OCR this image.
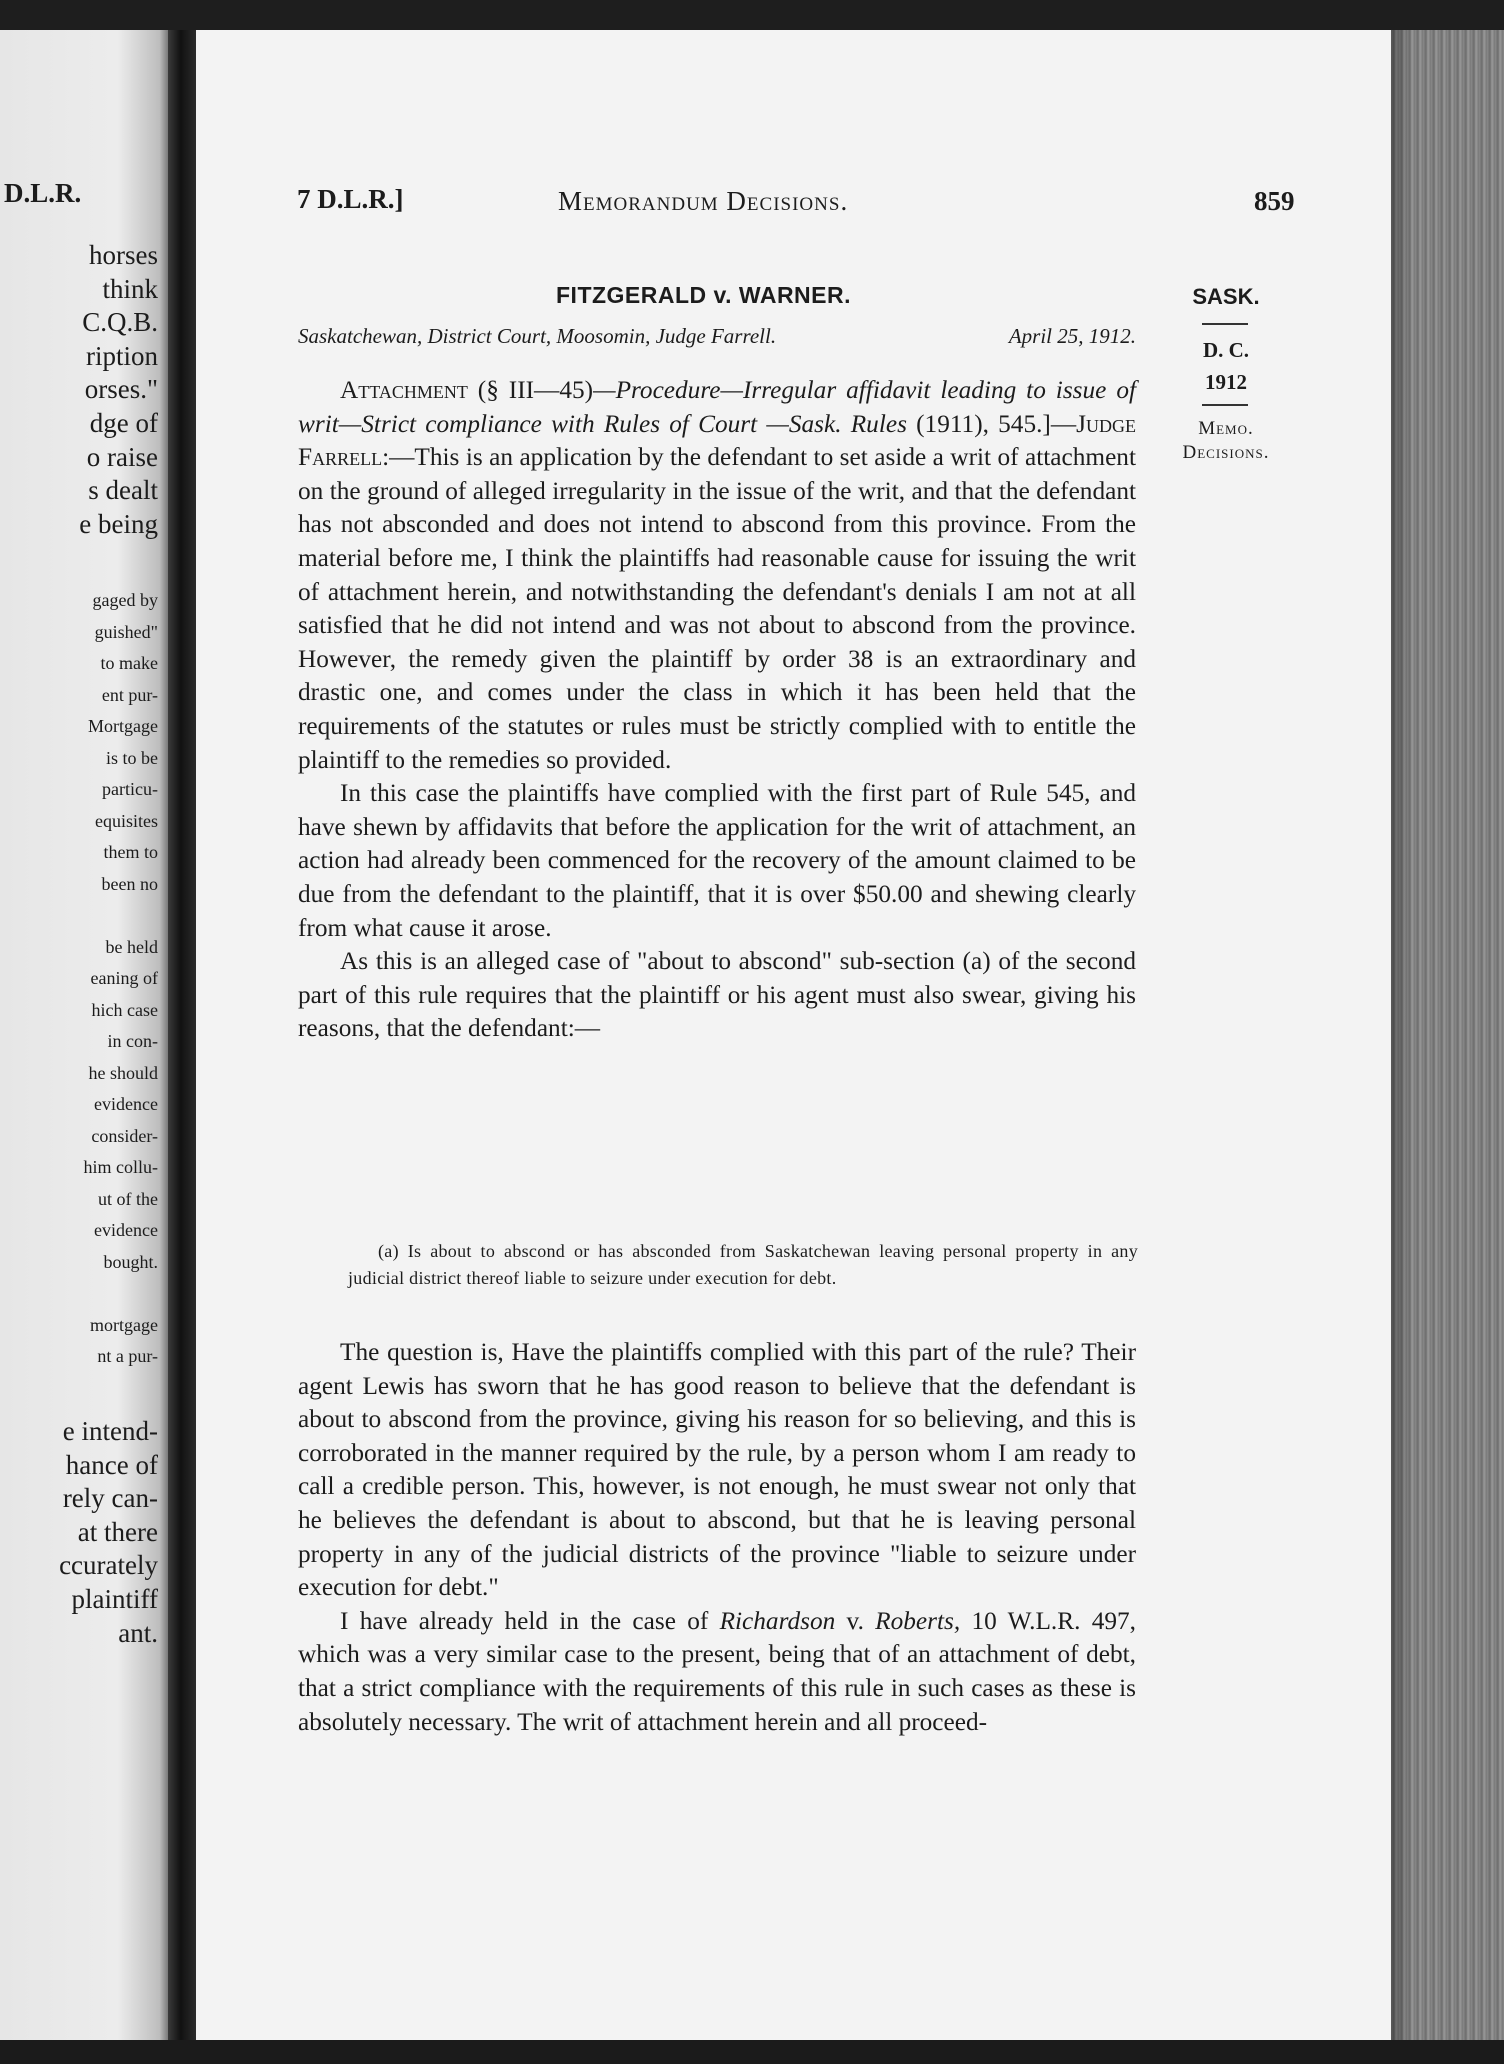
D.L.R.
horses
think
C.Q.B.
ription
orses."
dge of
o raise
s dealt
e being
gaged by
guished"
to make
ent pur-
Mortgage
is to be
particu-
equisites
them to
been no
be held
eaning of
hich case
in con-
he should
evidence
consider-
him collu-
ut of the
evidence
bought.
mortgage
nt a pur-
e intend-
hance of
rely can-
at there
ccurately
plaintiff
ant.
7 D.L.R.]	Memorandum Decisions.	859
SASK.
D. C.
1912
Memo.
Decisions.
FITZGERALD v. WARNER.
Saskatchewan, District Court, Moosomin, Judge Farrell.	April 25, 1912.

Attachment (§ III—45)—Procedure—Irregular affidavit leading to issue of writ—Strict compliance with Rules of Court —Sask. Rules (1911), 545.]—Judge Farrell:—This is an application by the defendant to set aside a writ of attachment on the ground of alleged irregularity in the issue of the writ, and that the defendant has not absconded and does not intend to abscond from this province. From the material before me, I think the plaintiffs had reasonable cause for issuing the writ of attachment herein, and notwithstanding the defendant's denials I am not at all satisfied that he did not intend and was not about to abscond from the province. However, the remedy given the plaintiff by order 38 is an extraordinary and drastic one, and comes under the class in which it has been held that the requirements of the statutes or rules must be strictly complied with to entitle the plaintiff to the remedies so provided.

In this case the plaintiffs have complied with the first part of Rule 545, and have shewn by affidavits that before the application for the writ of attachment, an action had already been commenced for the recovery of the amount claimed to be due from the defendant to the plaintiff, that it is over $50.00 and shewing clearly from what cause it arose.

As this is an alleged case of "about to abscond" sub-section (a) of the second part of this rule requires that the plaintiff or his agent must also swear, giving his reasons, that the defendant:—

(a) Is about to abscond or has absconded from Saskatchewan leaving personal property in any judicial district thereof liable to seizure under execution for debt.

The question is, Have the plaintiffs complied with this part of the rule? Their agent Lewis has sworn that he has good reason to believe that the defendant is about to abscond from the province, giving his reason for so believing, and this is corroborated in the manner required by the rule, by a person whom I am ready to call a credible person. This, however, is not enough, he must swear not only that he believes the defendant is about to abscond, but that he is leaving personal property in any of the judicial districts of the province "liable to seizure under execution for debt."

I have already held in the case of Richardson v. Roberts, 10 W.L.R. 497, which was a very similar case to the present, being that of an attachment of debt, that a strict compliance with the requirements of this rule in such cases as these is absolutely necessary. The writ of attachment herein and all proceed-
